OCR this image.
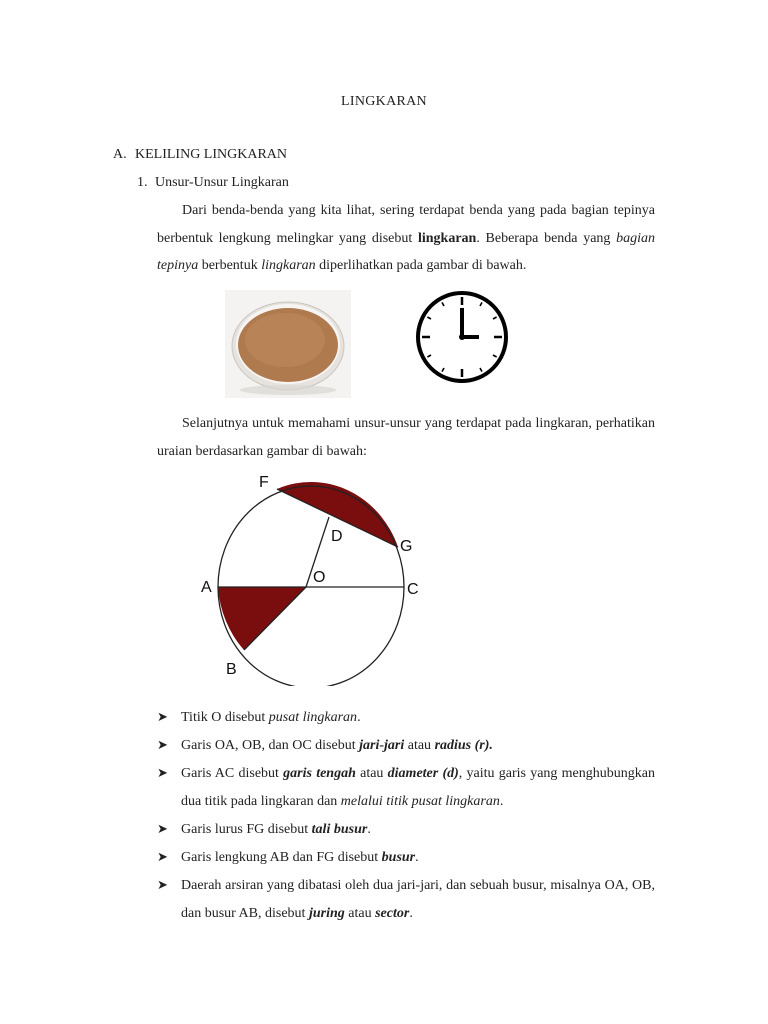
LINGKARAN
A. KELILING LINGKARAN
1. Unsur-Unsur Lingkaran
Dari benda-benda yang kita lihat, sering terdapat benda yang pada bagian tepinya berbentuk lengkung melingkar yang disebut lingkaran. Beberapa benda yang bagian tepinya berbentuk lingkaran diperlihatkan pada gambar di bawah.
Selanjutnya untuk memahami unsur-unsur yang terdapat pada lingkaran, perhatikan uraian berdasarkan gambar di bawah:
F
D
G
A
O
C
B
➤ Titik O disebut pusat lingkaran.
➤ Garis OA, OB, dan OC disebut jari-jari atau radius (r).
➤ Garis AC disebut garis tengah atau diameter (d), yaitu garis yang menghubungkan dua titik pada lingkaran dan melalui titik pusat lingkaran.
➤ Garis lurus FG disebut tali busur.
➤ Garis lengkung AB dan FG disebut busur.
➤ Daerah arsiran yang dibatasi oleh dua jari-jari, dan sebuah busur, misalnya OA, OB, dan busur AB, disebut juring atau sector.
